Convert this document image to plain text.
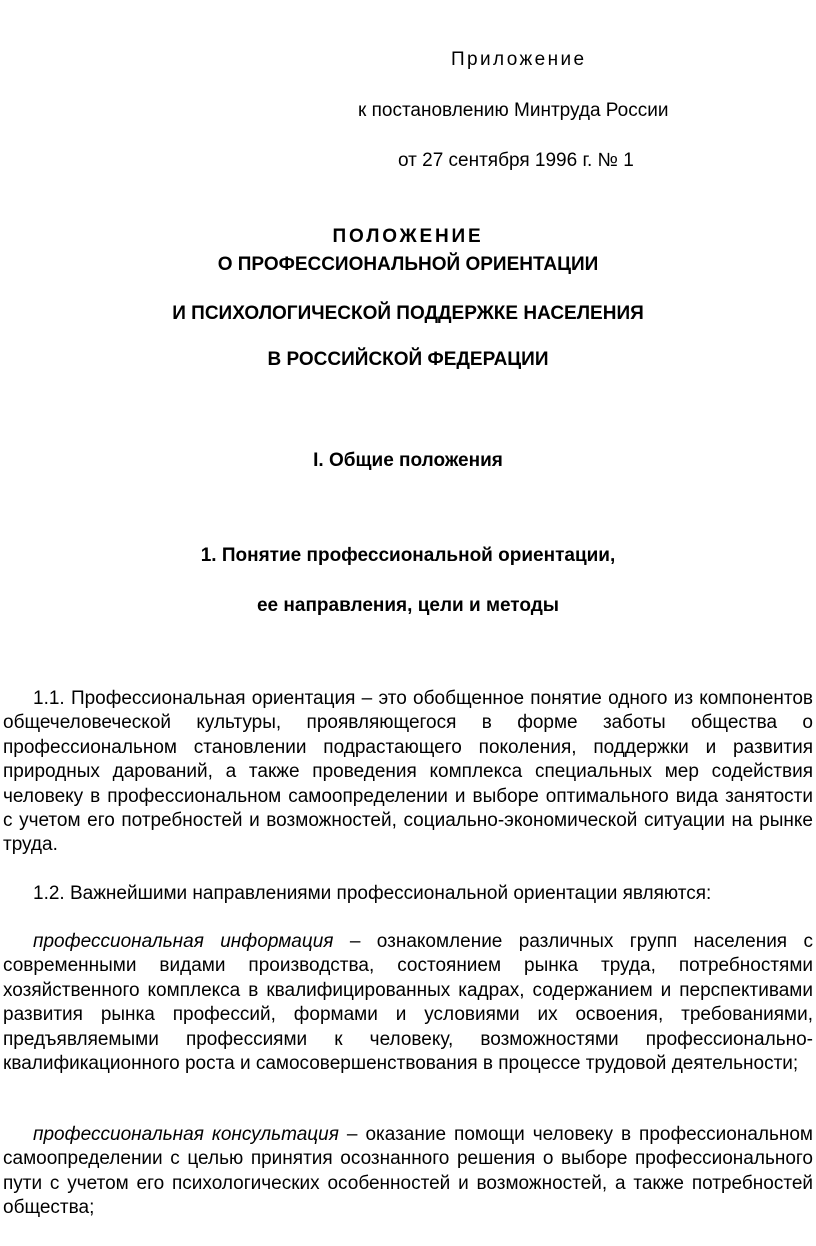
Приложение
к постановлению Минтруда России
от 27 сентября 1996 г. № 1
ПОЛОЖЕНИЕ
О ПРОФЕССИОНАЛЬНОЙ ОРИЕНТАЦИИ
И ПСИХОЛОГИЧЕСКОЙ ПОДДЕРЖКЕ НАСЕЛЕНИЯ
В РОССИЙСКОЙ ФЕДЕРАЦИИ
I. Общие положения
1. Понятие профессиональной ориентации,
ее направления, цели и методы

1.1. Профессиональная ориентация – это обобщенное понятие одного из компонентов общечеловеческой культуры, проявляющегося в форме заботы общества о профессиональном становлении подрастающего поколения, поддержки и развития природных дарований, а также проведения комплекса специальных мер содействия человеку в профессиональном самоопределении и выборе оптимального вида занятости с учетом его потребностей и возможностей, социально-экономической ситуации на рынке труда.

1.2. Важнейшими направлениями профессиональной ориентации являются:

профессиональная информация – ознакомление различных групп населения с современными видами производства, состоянием рынка труда, потребностями хозяйственного комплекса в квалифицированных кадрах, содержанием и перспективами развития рынка профессий, формами и условиями их освоения, требованиями, предъявляемыми профессиями к человеку, возможностями профессионально-квалификационного роста и самосовершенствования в процессе трудовой деятельности;

профессиональная консультация – оказание помощи человеку в профессиональном самоопределении с целью принятия осознанного решения о выборе профессионального пути с учетом его психологических особенностей и возможностей, а также потребностей общества;
